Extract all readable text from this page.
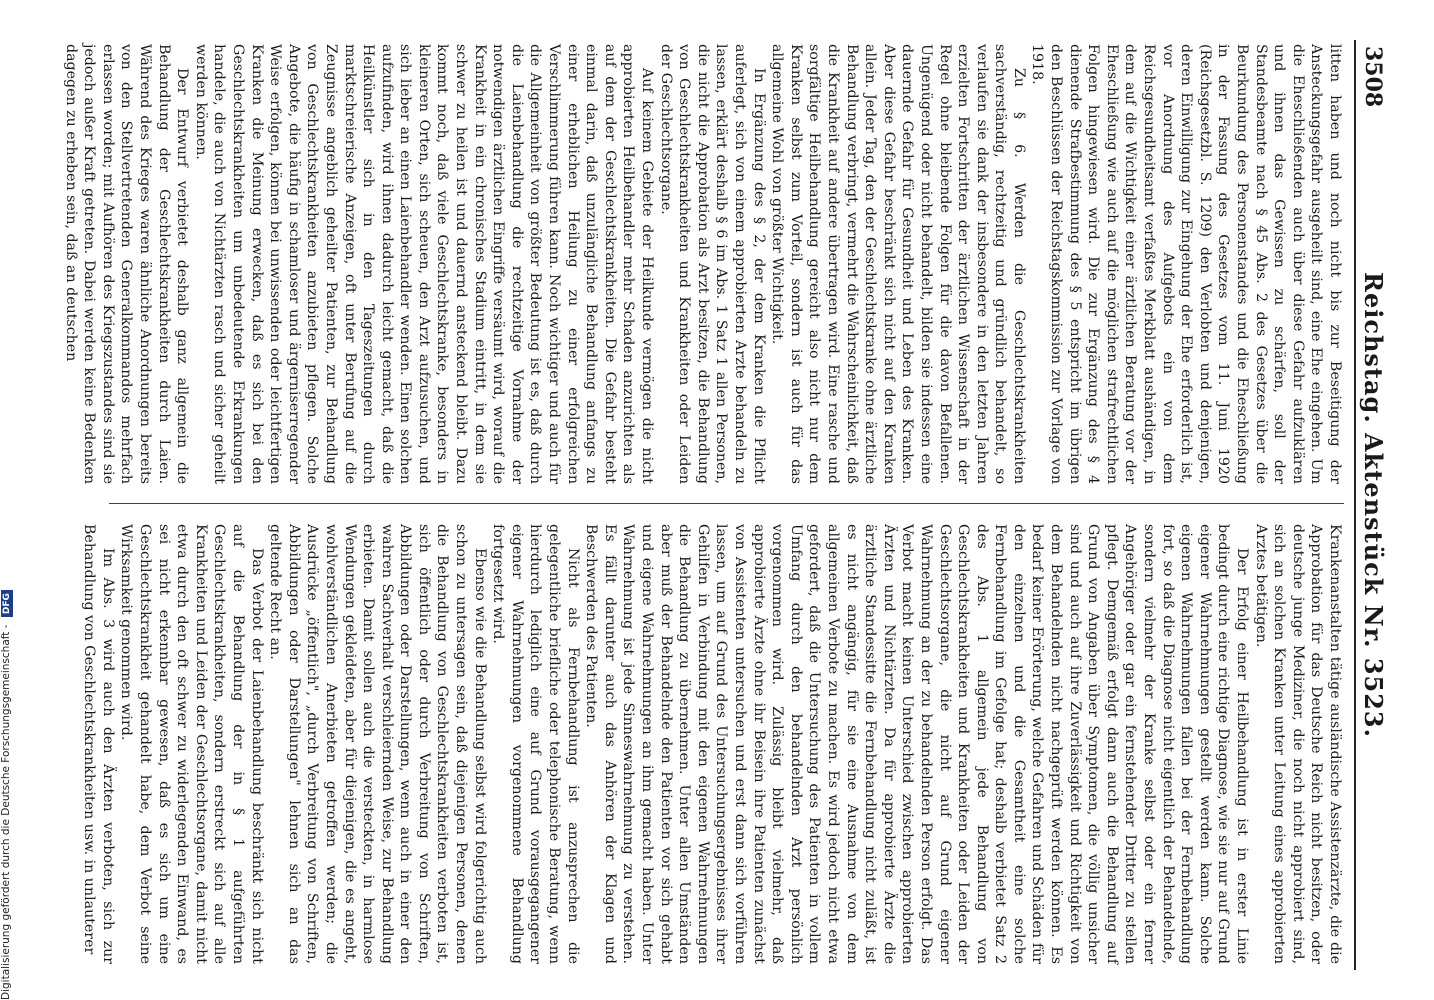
3508
Reichstag. Aktenstück Nr. 3523.

litten haben und noch nicht bis zur Beseitigung der Ansteckungsgefahr ausgeheilt sind, eine Ehe eingehen. Um die Eheschließenden auch über diese Gefahr aufzuklären und ihnen das Gewissen zu schärfen, soll der Standesbeamte nach § 45 Abs. 2 des Gesetzes über die Beurkundung des Personenstandes und die Eheschließung in der Fassung des Gesetzes vom 11. Juni 1920 (Reichsgesetzbl. S. 1209) den Verlobten und denjenigen, deren Einwilligung zur Eingehung der Ehe erforderlich ist, vor Anordnung des Aufgebots ein von dem Reichsgesundheitsamt verfaßtes Merkblatt aushändigen, in dem auf die Wichtigkeit einer ärztlichen Beratung vor der Eheschließung wie auch auf die möglichen strafrechtlichen Folgen hingewiesen wird. Die zur Ergänzung des § 4 dienende Strafbestimmung des § 5 entspricht im übrigen den Beschlüssen der Reichstagskommission zur Vorlage von 1918.

Zu § 6. Werden die Geschlechtskrankheiten sachverständig, rechtzeitig und gründlich behandelt, so verlaufen sie dank der insbesondere in den letzten Jahren erzielten Fortschritten der ärztlichen Wissenschaft in der Regel ohne bleibende Folgen für die davon Befallenen. Ungenügend oder nicht behandelt, bilden sie indessen eine dauernde Gefahr für Gesundheit und Leben des Kranken. Aber diese Gefahr beschränkt sich nicht auf den Kranken allein. Jeder Tag, den der Geschlechtskranke ohne ärztliche Behandlung verbringt, vermehrt die Wahrscheinlichkeit, daß die Krankheit auf andere übertragen wird. Eine rasche und sorgfältige Heilbehandlung gereicht also nicht nur dem Kranken selbst zum Vorteil, sondern ist auch für das allgemeine Wohl von größter Wichtigkeit.

In Ergänzung des § 2, der dem Kranken die Pflicht auferlegt, sich von einem approbierten Arzte behandeln zu lassen, erklärt deshalb § 6 im Abs. 1 Satz 1 allen Personen, die nicht die Approbation als Arzt besitzen, die Behandlung von Geschlechtskrankheiten und Krankheiten oder Leiden der Geschlechtsorgane.

Auf keinem Gebiete der Heilkunde vermögen die nicht approbierten Heilbehandler mehr Schaden anzurichten als auf dem der Geschlechtskrankheiten. Die Gefahr besteht einmal darin, daß unzulängliche Behandlung anfangs zu einer erheblichen Heilung zu einer erfolgreichen Verschlimmerung führen kann. Noch wichtiger und auch für die Allgemeinheit von größter Bedeutung ist es, daß durch die Laienbehandlung die rechtzeitige Vornahme der notwendigen ärztlichen Eingriffe versäumt wird, worauf die Krankheit in ein chronisches Stadium eintritt, in dem sie schwer zu heilen ist und dauernd ansteckend bleibt. Dazu kommt noch, daß viele Geschlechtskranke, besonders in kleineren Orten, sich scheuen, den Arzt aufzusuchen, und sich lieber an einen Laienbehandler wenden. Einen solchen aufzufinden, wird ihnen dadurch leicht gemacht, daß die Heilkünstler sich in den Tageszeitungen durch marktschreierische Anzeigen, oft unter Berufung auf die Zeugnisse angeblich geheilter Patienten, zur Behandlung von Geschlechtskrankheiten anzubieten pflegen. Solche Angebote, die häufig in schamloser und ärgerniserregender Weise erfolgen, können bei unwissenden oder leichtfertigen Kranken die Meinung erwecken, daß es sich bei den Geschlechtskrankheiten um unbedeutende Erkrankungen handele, die auch von Nichtärzten rasch und sicher geheilt werden können.

Der Entwurf verbietet deshalb ganz allgemein die Behandlung der Geschlechtskrankheiten durch Laien. Während des Krieges waren ähnliche Anordnungen bereits von den Stellvertretenden Generalkommandos mehrfach erlassen worden; mit Aufhören des Kriegszustandes sind sie jedoch außer Kraft getreten. Dabei werden keine Bedenken dagegen zu erheben sein, daß an deutschen

Krankenanstalten tätige ausländische Assistenzärzte, die die Approbation für das Deutsche Reich nicht besitzen, oder deutsche junge Mediziner, die noch nicht approbiert sind, sich an solchen Kranken unter Leitung eines approbierten Arztes betätigen.

Der Erfolg einer Heilbehandlung ist in erster Linie bedingt durch eine richtige Diagnose, wie sie nur auf Grund eigener Wahrnehmungen gestellt werden kann. Solche eigenen Wahrnehmungen fallen bei der Fernbehandlung fort, so daß die Diagnose nicht eigentlich der Behandelnde, sondern vielmehr der Kranke selbst oder ein ferner Angehöriger oder gar ein fernstehender Dritter zu stellen pflegt. Demgemäß erfolgt dann auch die Behandlung auf Grund von Angaben über Symptomen, die völlig unsicher sind und auch auf ihre Zuverlässigkeit und Richtigkeit von dem Behandelnden nicht nachgeprüft werden können. Es bedarf keiner Erörterung, welche Gefahren und Schäden für den einzelnen und die Gesamtheit eine solche Fernbehandlung im Gefolge hat; deshalb verbietet Satz 2 des Abs. 1 allgemein jede Behandlung von Geschlechtskrankheiten und Krankheiten oder Leiden der Geschlechtsorgane, die nicht auf Grund eigener Wahrnehmung an der zu behandelnden Person erfolgt. Das Verbot macht keinen Unterschied zwischen approbierten Ärzten und Nichtärzten. Da für approbierte Ärzte die ärztliche Standessitte die Fernbehandlung nicht zuläßt, ist es nicht angängig, für sie eine Ausnahme von dem allgemeinen Verbote zu machen. Es wird jedoch nicht etwa gefordert, daß die Untersuchung des Patienten in vollem Umfang durch den behandelnden Arzt persönlich vorgenommen wird. Zulässig bleibt vielmehr, daß approbierte Ärzte ohne ihr Beisein ihre Patienten zunächst von Assistenten untersuchen und erst dann sich vorführen lassen, um auf Grund des Untersuchungsergebnisses ihrer Gehilfen in Verbindung mit den eigenen Wahrnehmungen die Behandlung zu übernehmen. Unter allen Umständen aber muß der Behandelnde den Patienten vor sich gehabt und eigene Wahrnehmungen an ihm gemacht haben. Unter Wahrnehmung ist jede Sinneswahrnehmung zu verstehen. Es fällt darunter auch das Anhören der Klagen und Beschwerden des Patienten.

Nicht als Fernbehandlung ist anzusprechen die gelegentliche briefliche oder telephonische Beratung, wenn hierdurch lediglich eine auf Grund vorausgegangener eigener Wahrnehmungen vorgenommene Behandlung fortgesetzt wird.

Ebenso wie die Behandlung selbst wird folgerichtig auch schon zu untersagen sein, daß diejenigen Personen, denen die Behandlung von Geschlechtskrankheiten verboten ist, sich öffentlich oder durch Verbreitung von Schriften, Abbildungen oder Darstellungen, wenn auch in einer den wahren Sachverhalt verschleiernden Weise, zur Behandlung erbieten. Damit sollen auch die versteckten, in harmlose Wendungen gekleideten, aber für diejenigen, die es angeht, wohlverständlichen Anerbieten getroffen werden; die Ausdrücke „öffentlich", „durch Verbreitung von Schriften, Abbildungen oder Darstellungen" lehnen sich an das geltende Recht an.

Das Verbot der Laienbehandlung beschränkt sich nicht auf die Behandlung der in § 1 aufgeführten Geschlechtskrankheiten, sondern erstreckt sich auf alle Krankheiten und Leiden der Geschlechtsorgane, damit nicht etwa durch den oft schwer zu widerlegenden Einwand, es sei nicht erkennbar gewesen, daß es sich um eine Geschlechtskrankheit gehandelt habe, dem Verbot seine Wirksamkeit genommen wird.

Im Abs. 3 wird auch den Ärzten verboten, sich zur Behandlung von Geschlechtskrankheiten usw. in unlauterer

Digitalisierung gefördert durch die Deutsche Forschungsgemeinschaft - DFG
